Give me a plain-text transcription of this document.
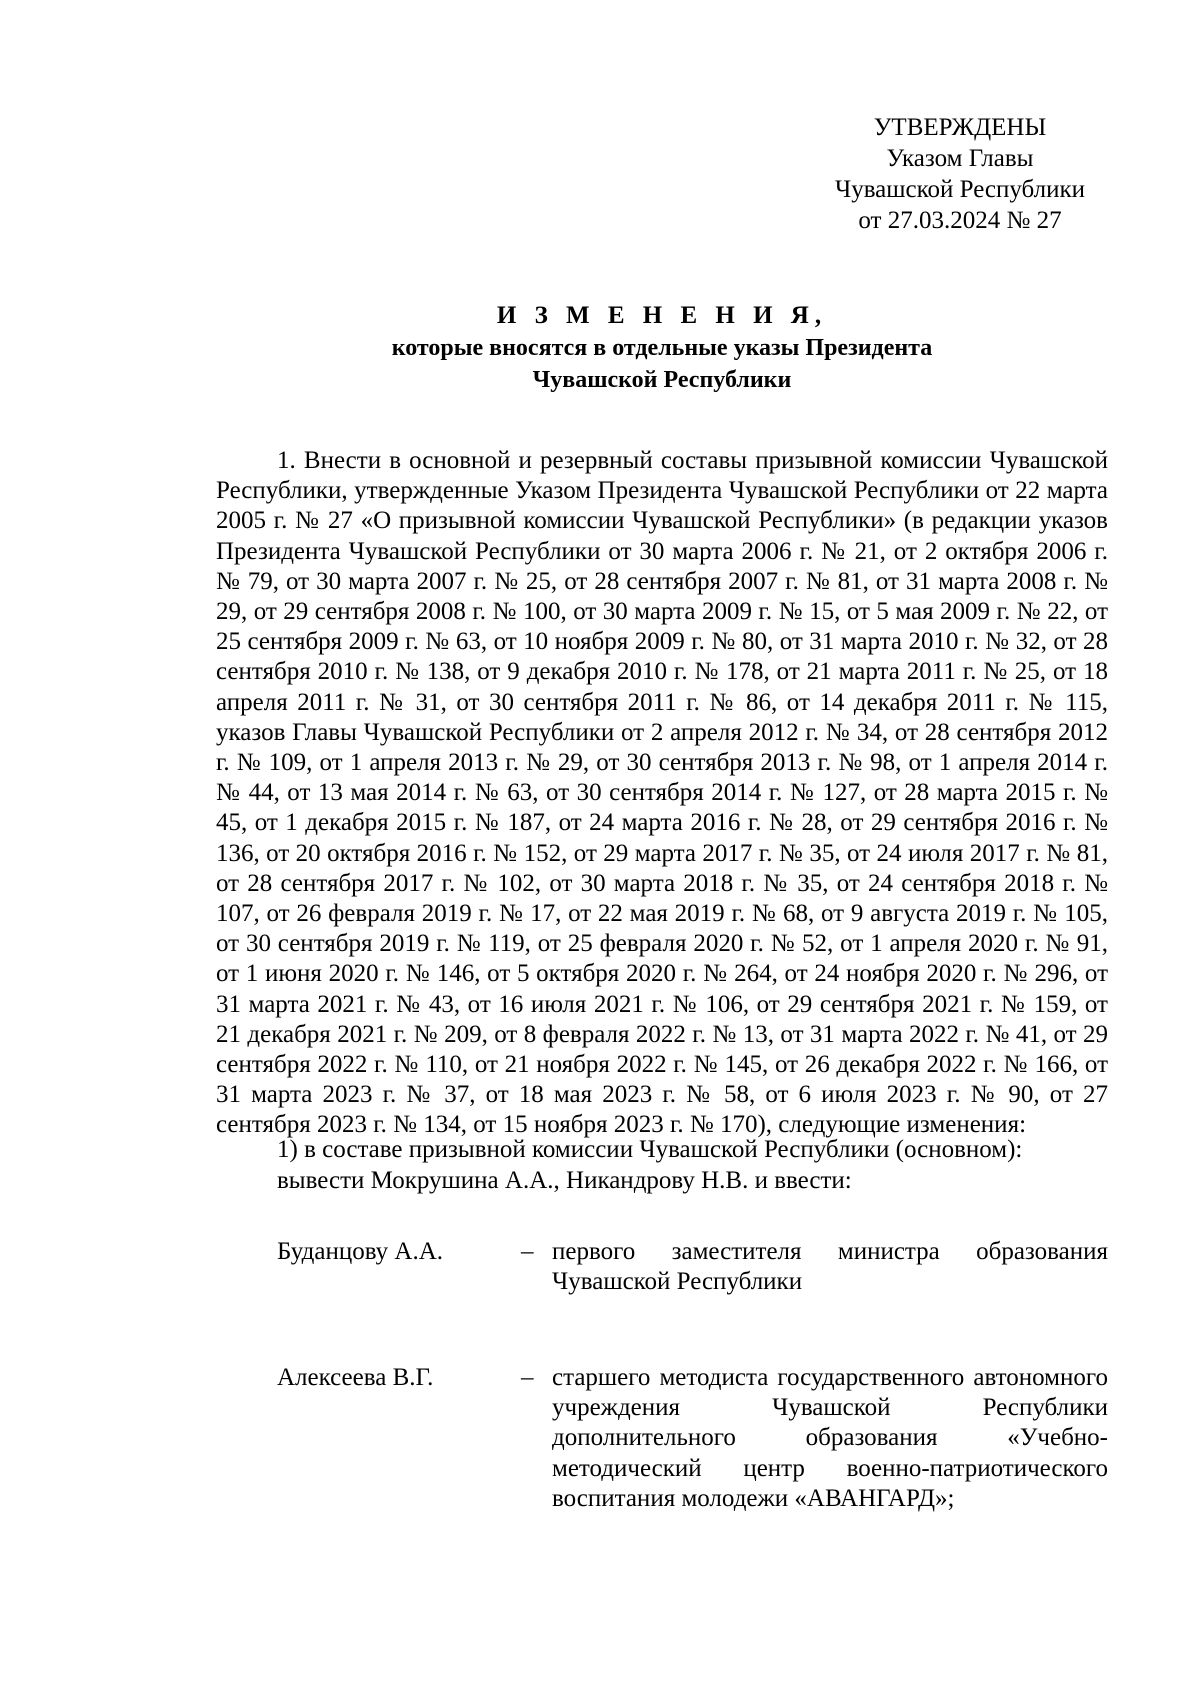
УТВЕРЖДЕНЫ
Указом Главы
Чувашской Республики
от 27.03.2024 № 27
И З М Е Н Е Н И Я,
которые вносятся в отдельные указы Президента
Чувашской Республики
1. Внести в основной и резервный составы призывной комиссии Чувашской Республики, утвержденные Указом Президента Чувашской Республики от 22 марта 2005 г. № 27 «О призывной комиссии Чувашской Республики» (в редакции указов Президента Чувашской Республики от 30 марта 2006 г. № 21, от 2 октября 2006 г. № 79, от 30 марта 2007 г. № 25, от 28 сентября 2007 г. № 81, от 31 марта 2008 г. № 29, от 29 сентября 2008 г. № 100, от 30 марта 2009 г. № 15, от 5 мая 2009 г. № 22, от 25 сентября 2009 г. № 63, от 10 ноября 2009 г. № 80, от 31 марта 2010 г. № 32, от 28 сентября 2010 г. № 138, от 9 декабря 2010 г. № 178, от 21 марта 2011 г. № 25, от 18 апреля 2011 г. № 31, от 30 сентября 2011 г. № 86, от 14 декабря 2011 г. № 115, указов Главы Чувашской Республики от 2 апреля 2012 г. № 34, от 28 сентября 2012 г. № 109, от 1 апреля 2013 г. № 29, от 30 сентября 2013 г. № 98, от 1 апреля 2014 г. № 44, от 13 мая 2014 г. № 63, от 30 сентября 2014 г. № 127, от 28 марта 2015 г. № 45, от 1 декабря 2015 г. № 187, от 24 марта 2016 г. № 28, от 29 сентября 2016 г. № 136, от 20 октября 2016 г. № 152, от 29 марта 2017 г. № 35, от 24 июля 2017 г. № 81, от 28 сентября 2017 г. № 102, от 30 марта 2018 г. № 35, от 24 сентября 2018 г. № 107, от 26 февраля 2019 г. № 17, от 22 мая 2019 г. № 68, от 9 августа 2019 г. № 105, от 30 сентября 2019 г. № 119, от 25 февраля 2020 г. № 52, от 1 апреля 2020 г. № 91, от 1 июня 2020 г. № 146, от 5 октября 2020 г. № 264, от 24 ноября 2020 г. № 296, от 31 марта 2021 г. № 43, от 16 июля 2021 г. № 106, от 29 сентября 2021 г. № 159, от 21 декабря 2021 г. № 209, от 8 февраля 2022 г. № 13, от 31 марта 2022 г. № 41, от 29 сентября 2022 г. № 110, от 21 ноября 2022 г. № 145, от 26 декабря 2022 г. № 166, от 31 марта 2023 г. № 37, от 18 мая 2023 г. № 58, от 6 июля 2023 г. № 90, от 27 сентября 2023 г. № 134, от 15 ноября 2023 г. № 170), следующие изменения:
1) в составе призывной комиссии Чувашской Республики (основном):
вывести Мокрушина А.А., Никандрову Н.В. и ввести:
Буданцову А.А.	– первого заместителя министра образования Чувашской Республики
Алексеева В.Г.	– старшего методиста государственного автономного учреждения Чувашской Республики дополнительного образования «Учебно-методический центр военно-патриотического воспитания молодежи «АВАНГАРД»;
